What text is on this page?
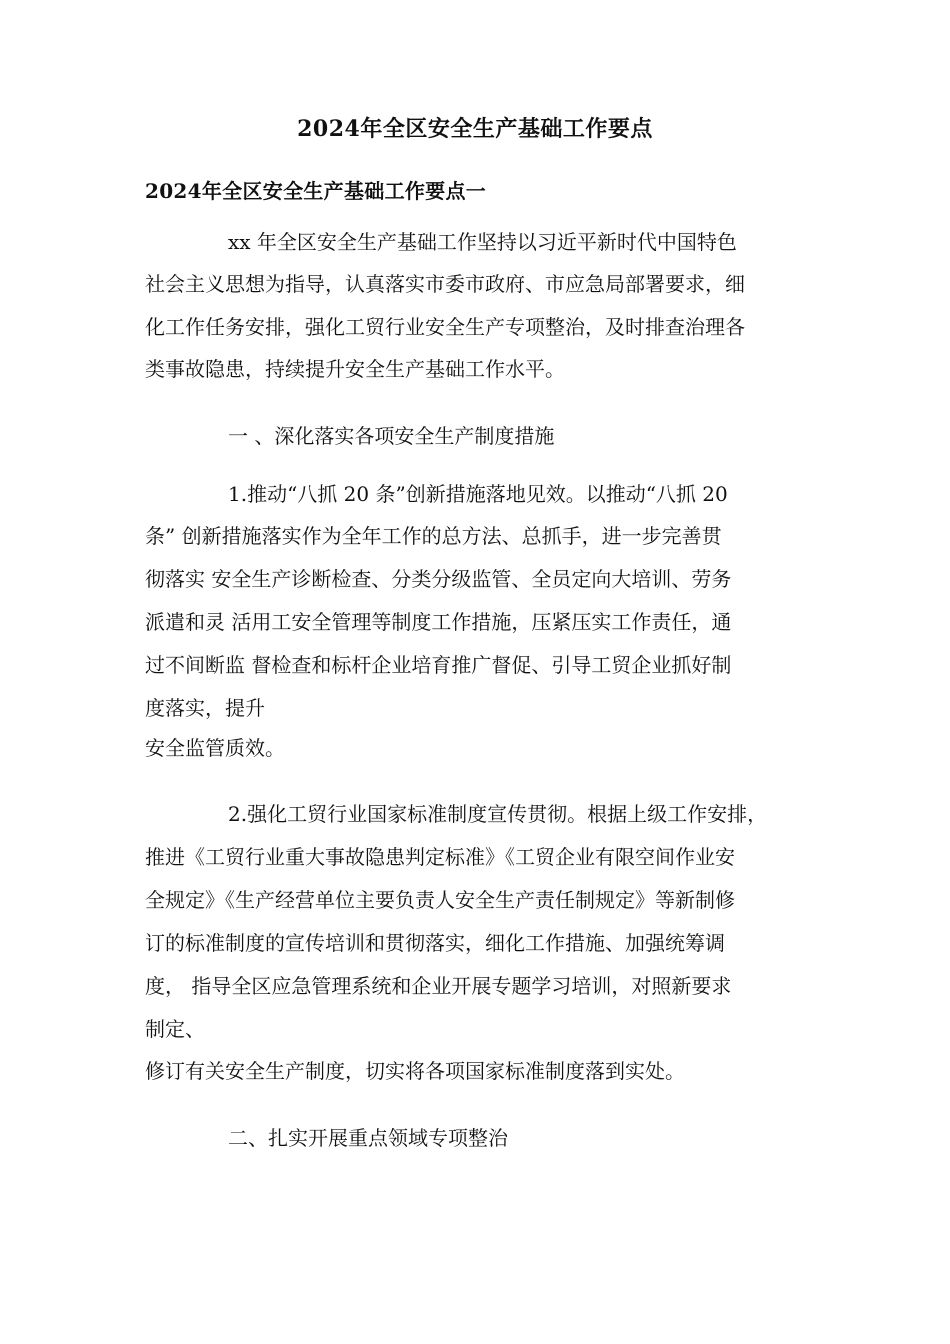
2024年全区安全生产基础工作要点
2024年全区安全生产基础工作要点一
xx 年全区安全生产基础工作坚持以习近平新时代中国特色
社会主义思想为指导，认真落实市委市政府、市应急局部署要求，细
化工作任务安排，强化工贸行业安全生产专项整治，及时排查治理各
类事故隐患，持续提升安全生产基础工作水平。
一 、深化落实各项安全生产制度措施
1.推动“八抓 20 条”创新措施落地见效。以推动“八抓 20
条” 创新措施落实作为全年工作的总方法、总抓手，进一步完善贯
彻落实 安全生产诊断检查、分类分级监管、全员定向大培训、劳务
派遣和灵 活用工安全管理等制度工作措施，压紧压实工作责任，通
过不间断监 督检查和标杆企业培育推广督促、引导工贸企业抓好制
度落实，提升
安全监管质效。
2.强化工贸行业国家标准制度宣传贯彻。根据上级工作安排，
推进《工贸行业重大事故隐患判定标准》《工贸企业有限空间作业安
全规定》《生产经营单位主要负责人安全生产责任制规定》等新制修
订的标准制度的宣传培训和贯彻落实，细化工作措施、加强统筹调
度， 指导全区应急管理系统和企业开展专题学习培训，对照新要求
制定、
修订有关安全生产制度，切实将各项国家标准制度落到实处。
二、扎实开展重点领域专项整治
